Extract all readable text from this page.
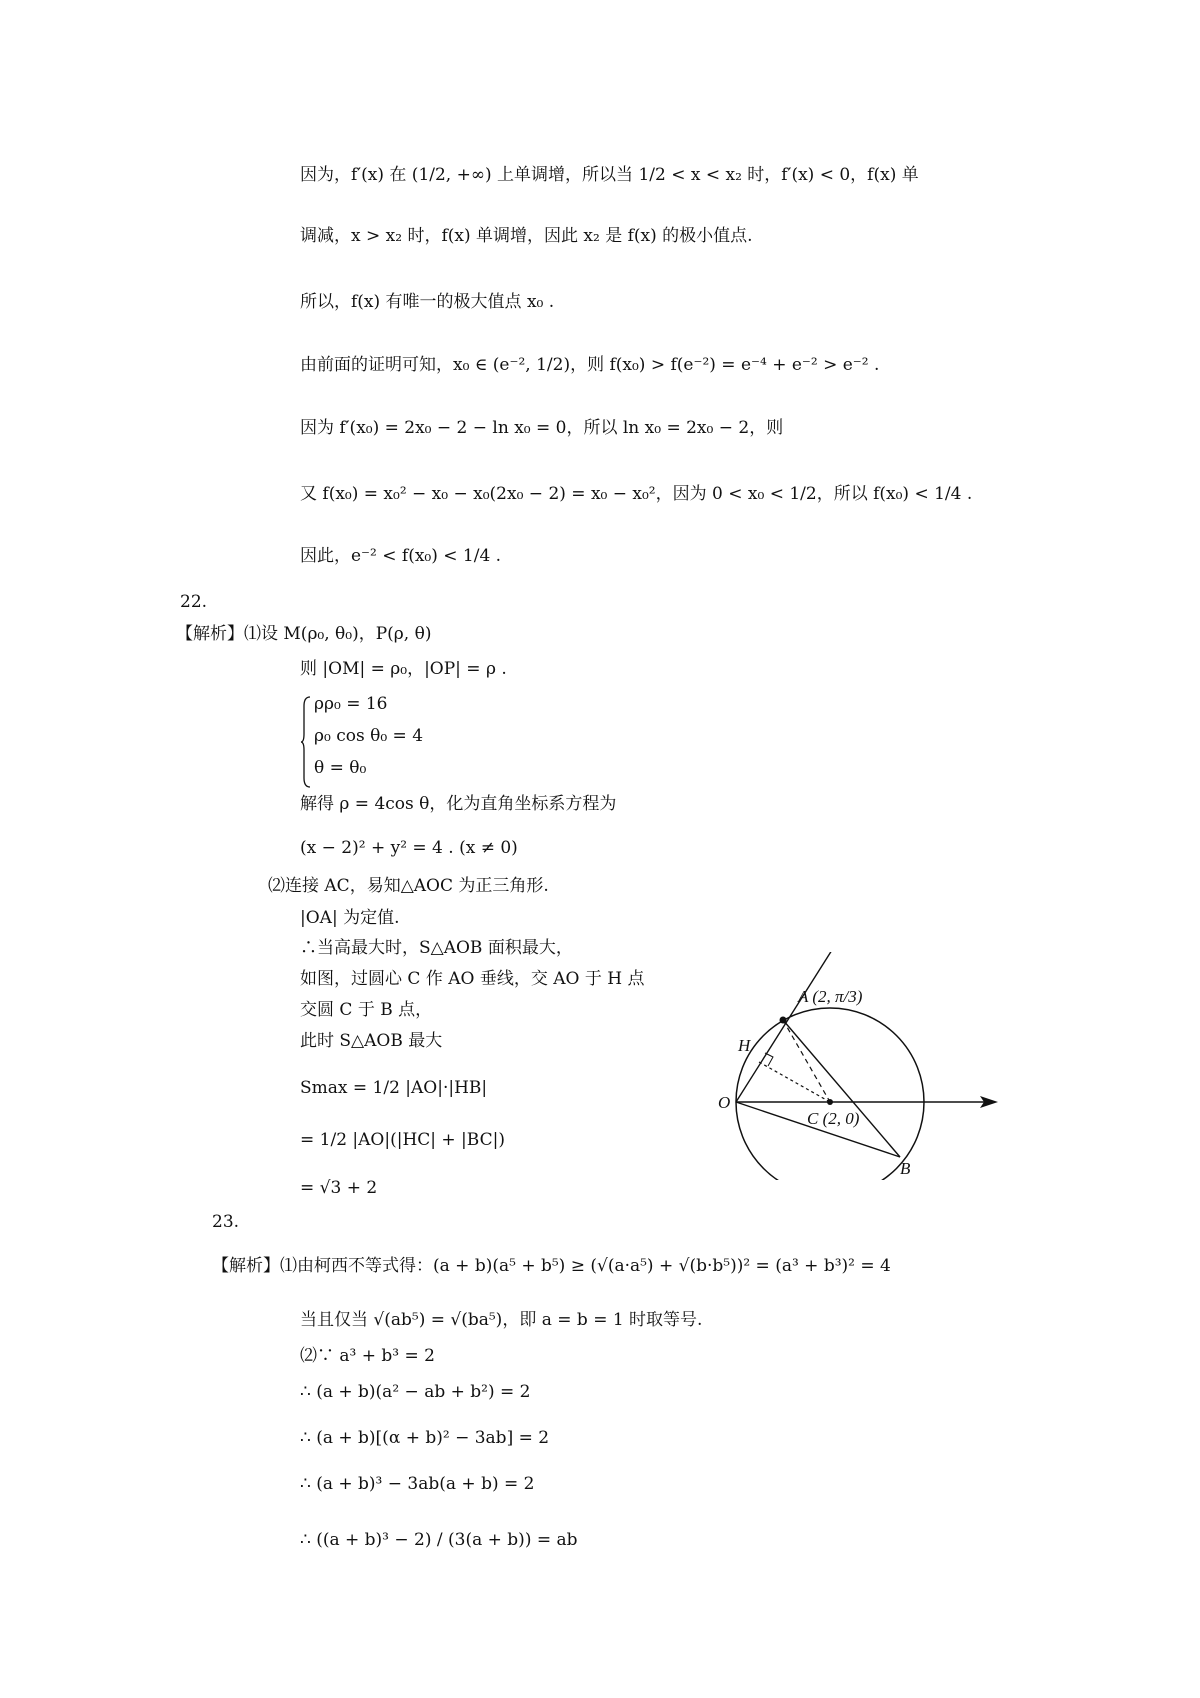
因为，f′(x) 在 (1/2, +∞) 上单调增，所以当 1/2 < x < x₂ 时，f′(x) < 0，f(x) 单
调减，x > x₂ 时，f(x) 单调增，因此 x₂ 是 f(x) 的极小值点.
所以，f(x) 有唯一的极大值点 x₀ .
由前面的证明可知，x₀ ∈ (e⁻², 1/2)，则 f(x₀) > f(e⁻²) = e⁻⁴ + e⁻² > e⁻² .
因为 f′(x₀) = 2x₀ − 2 − ln x₀ = 0，所以 ln x₀ = 2x₀ − 2，则
又 f(x₀) = x₀² − x₀ − x₀(2x₀ − 2) = x₀ − x₀²，因为 0 < x₀ < 1/2，所以 f(x₀) < 1/4 .
因此，e⁻² < f(x₀) < 1/4 .
22.
【解析】⑴设 M(ρ₀, θ₀)，P(ρ, θ)
则 |OM| = ρ₀，|OP| = ρ .
ρρ₀ = 16
ρ₀ cos θ₀ = 4
θ = θ₀
解得 ρ = 4cos θ，化为直角坐标系方程为
(x − 2)² + y² = 4 . (x ≠ 0)
⑵连接 AC，易知△AOC 为正三角形.
|OA| 为定值.
∴当高最大时，S△AOB 面积最大，
如图，过圆心 C 作 AO 垂线，交 AO 于 H 点
交圆 C 于 B 点，
此时 S△AOB 最大
Smax = 1/2 |AO|·|HB|
= 1/2 |AO|(|HC| + |BC|)
= √3 + 2
A (2, π/3)
H
O
C (2, 0)
B
23.
【解析】⑴由柯西不等式得：(a + b)(a⁵ + b⁵) ≥ (√(a·a⁵) + √(b·b⁵))² = (a³ + b³)² = 4
当且仅当 √(ab⁵) = √(ba⁵)，即 a = b = 1 时取等号.
⑵∵ a³ + b³ = 2
∴ (a + b)(a² − ab + b²) = 2
∴ (a + b)[(α + b)² − 3ab] = 2
∴ (a + b)³ − 3ab(a + b) = 2
∴ ((a + b)³ − 2) / (3(a + b)) = ab
